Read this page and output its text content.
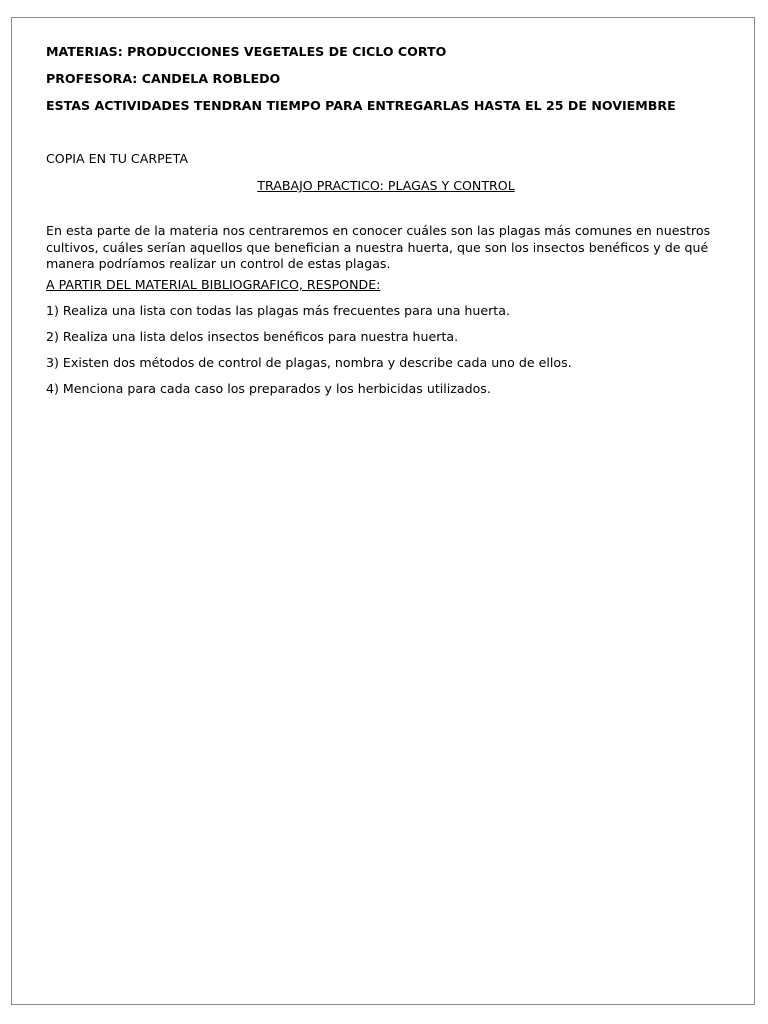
MATERIAS: PRODUCCIONES VEGETALES DE CICLO CORTO

PROFESORA: CANDELA ROBLEDO

ESTAS ACTIVIDADES TENDRAN TIEMPO PARA ENTREGARLAS HASTA EL 25 DE NOVIEMBRE

COPIA EN TU CARPETA

TRABAJO PRACTICO: PLAGAS Y CONTROL

En esta parte de la materia nos centraremos en conocer cuáles son las plagas más comunes en nuestros cultivos, cuáles serían aquellos que benefician a nuestra huerta, que son los insectos benéficos y de qué manera podríamos realizar un control de estas plagas.

A PARTIR DEL MATERIAL BIBLIOGRAFICO, RESPONDE:

1) Realiza una lista con todas las plagas más frecuentes para una huerta.

2) Realiza una lista delos insectos benéficos para nuestra huerta.

3) Existen dos métodos de control de plagas, nombra y describe cada uno de ellos.

4) Menciona para cada caso los preparados y los herbicidas utilizados.
